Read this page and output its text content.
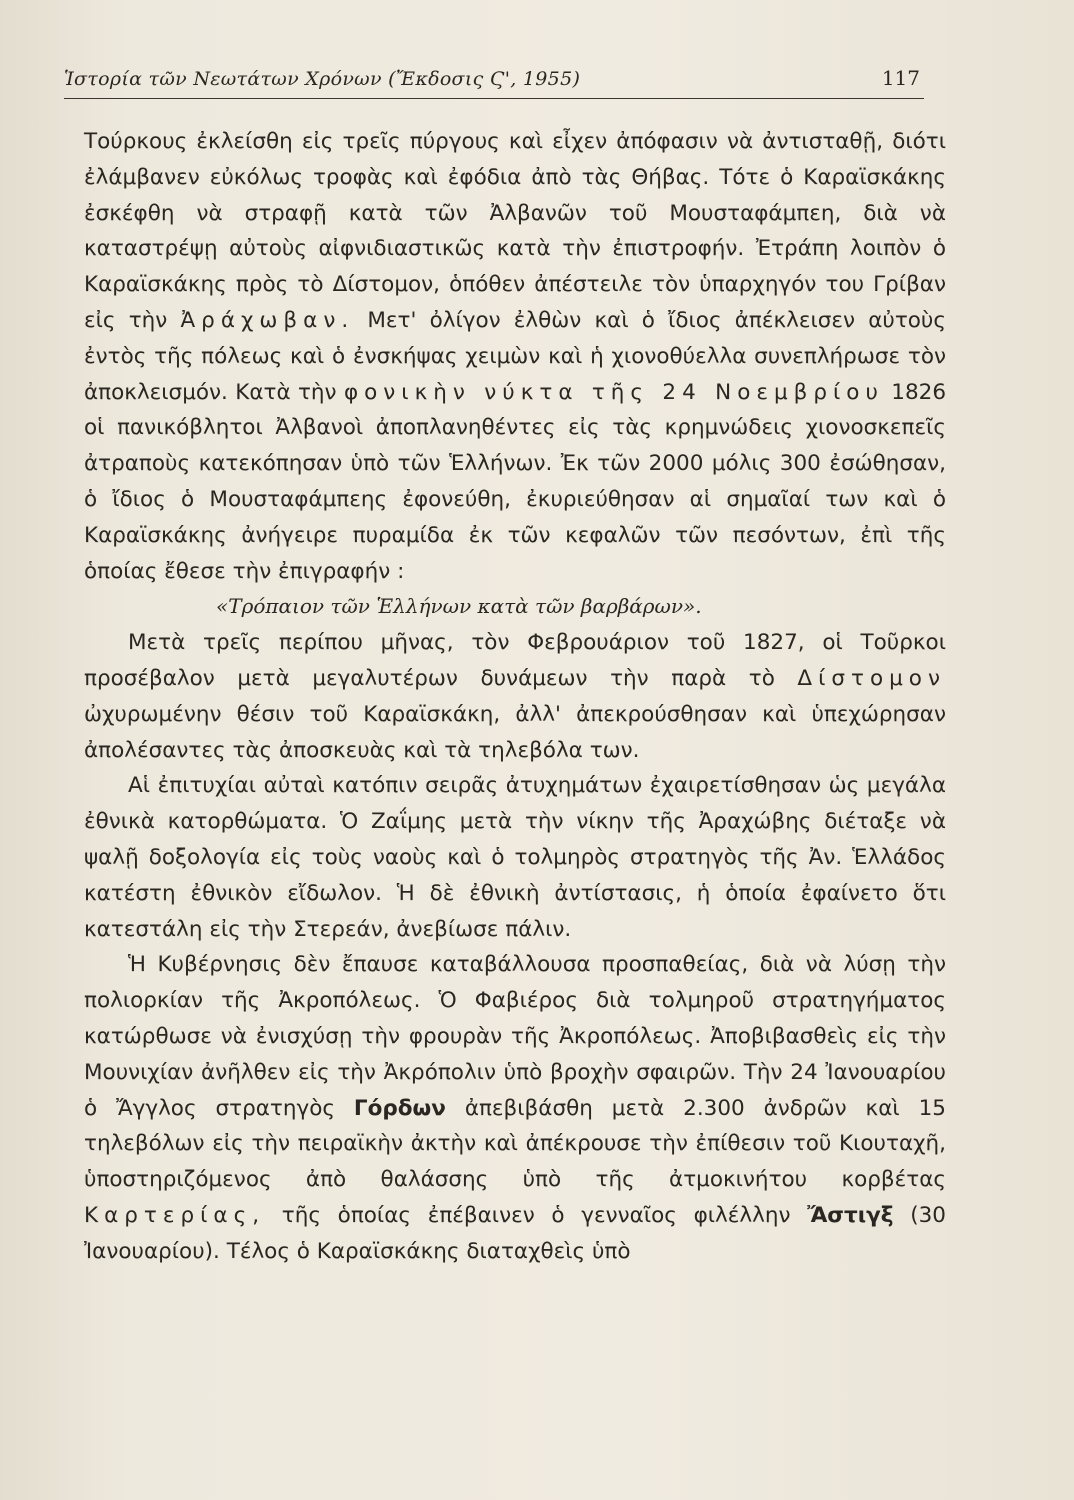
Ἱστορία τῶν Νεωτάτων Χρόνων (Ἔκδοσις Ϛ', 1955)	117

Τούρκους ἐκλείσθη εἰς τρεῖς πύργους καὶ εἶχεν ἀπόφασιν νὰ ἀντισταθῇ, διότι ἐλάμβανεν εὐκόλως τροφὰς καὶ ἐφόδια ἀπὸ τὰς Θήβας. Τότε ὁ Καραϊσκάκης ἐσκέφθη νὰ στραφῇ κατὰ τῶν Ἀλβανῶν τοῦ Μουσταφάμπεη, διὰ νὰ καταστρέψῃ αὐτοὺς αἰφνιδιαστικῶς κατὰ τὴν ἐπιστροφήν. Ἐτράπη λοιπὸν ὁ Καραϊσκάκης πρὸς τὸ Δίστομον, ὁπόθεν ἀπέστειλε τὸν ὑπαρχηγόν του Γρίβαν εἰς τὴν Ἀράχωβαν. Μετ' ὀλίγον ἐλθὼν καὶ ὁ ἴδιος ἀπέκλεισεν αὐτοὺς ἐντὸς τῆς πόλεως καὶ ὁ ἐνσκήψας χειμὼν καὶ ἡ χιονοθύελλα συνεπλήρωσε τὸν ἀποκλεισμόν. Κατὰ τὴν φονικὴν νύκτα τῆς 24 Νοεμβρίου 1826 οἱ πανικόβλητοι Ἀλβανοὶ ἀποπλανηθέντες εἰς τὰς κρημνώδεις χιονοσκεπεῖς ἀτραποὺς κατεκόπησαν ὑπὸ τῶν Ἑλλήνων. Ἐκ τῶν 2000 μόλις 300 ἐσώθησαν, ὁ ἴδιος ὁ Μουσταφάμπεης ἐφονεύθη, ἐκυριεύθησαν αἱ σημαῖαί των καὶ ὁ Καραϊσκάκης ἀνήγειρε πυραμίδα ἐκ τῶν κεφαλῶν τῶν πεσόντων, ἐπὶ τῆς ὁποίας ἔθεσε τὴν ἐπιγραφήν :

«Τρόπαιον τῶν Ἑλλήνων κατὰ τῶν βαρβάρων».

Μετὰ τρεῖς περίπου μῆνας, τὸν Φεβρουάριον τοῦ 1827, οἱ Τοῦρκοι προσέβαλον μετὰ μεγαλυτέρων δυνάμεων τὴν παρὰ τὸ Δίστομον ὠχυρωμένην θέσιν τοῦ Καραϊσκάκη, ἀλλ' ἀπεκρούσθησαν καὶ ὑπεχώρησαν ἀπολέσαντες τὰς ἀποσκευὰς καὶ τὰ τηλεβόλα των.

Αἱ ἐπιτυχίαι αὐταὶ κατόπιν σειρᾶς ἀτυχημάτων ἐχαιρετίσθησαν ὡς μεγάλα ἐθνικὰ κατορθώματα. Ὁ Ζαΐμης μετὰ τὴν νίκην τῆς Ἀραχώβης διέταξε νὰ ψαλῇ δοξολογία εἰς τοὺς ναοὺς καὶ ὁ τολμηρὸς στρατηγὸς τῆς Ἀν. Ἑλλάδος κατέστη ἐθνικὸν εἴδωλον. Ἡ δὲ ἐθνικὴ ἀντίστασις, ἡ ὁποία ἐφαίνετο ὅτι κατεστάλη εἰς τὴν Στερεάν, ἀνεβίωσε πάλιν.

Ἡ Κυβέρνησις δὲν ἔπαυσε καταβάλλουσα προσπαθείας, διὰ νὰ λύσῃ τὴν πολιορκίαν τῆς Ἀκροπόλεως. Ὁ Φαβιέρος διὰ τολμηροῦ στρατηγήματος κατώρθωσε νὰ ἐνισχύσῃ τὴν φρουρὰν τῆς Ἀκροπόλεως. Ἀποβιβασθεὶς εἰς τὴν Μουνιχίαν ἀνῆλθεν εἰς τὴν Ἀκρόπολιν ὑπὸ βροχὴν σφαιρῶν. Τὴν 24 Ἰανουαρίου ὁ Ἄγγλος στρατηγὸς Γόρδων ἀπεβιβάσθη μετὰ 2.300 ἀνδρῶν καὶ 15 τηλεβόλων εἰς τὴν πειραϊκὴν ἀκτὴν καὶ ἀπέκρουσε τὴν ἐπίθεσιν τοῦ Κιουταχῆ, ὑποστηριζόμενος ἀπὸ θαλάσσης ὑπὸ τῆς ἀτμοκινήτου κορβέτας Καρτερίας, τῆς ὁποίας ἐπέβαινεν ὁ γενναῖος φιλέλλην Ἄστιγξ (30 Ἰανουαρίου). Τέλος ὁ Καραϊσκάκης διαταχθεὶς ὑπὸ
